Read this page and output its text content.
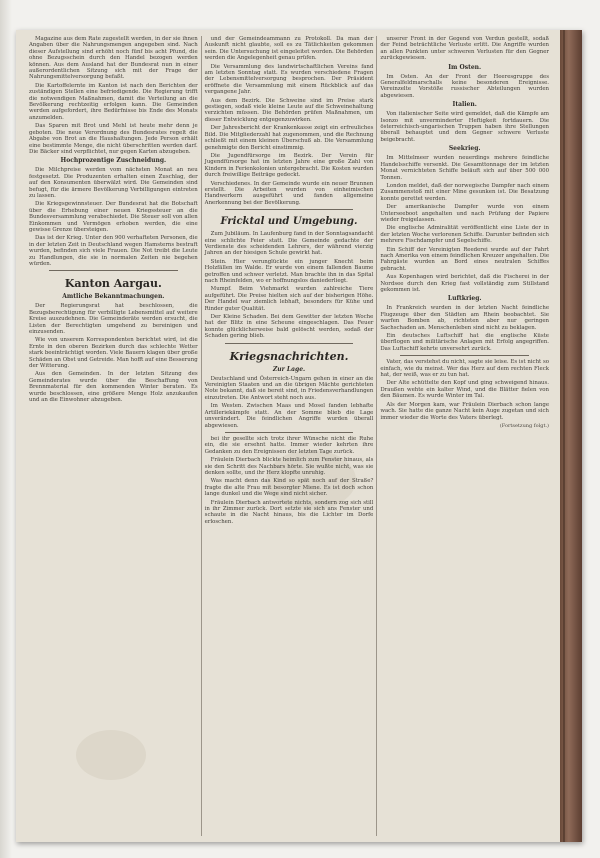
Magazine aus dem Rate zugestellt werden, in der sie ihnen Angaben über die Nahrungsmengen angegeben sind. Nach dieser Aufstellung sind erhöht noch fünf bis acht Pfund, die ohne Bezugsschein durch den Handel bezogen werden können. Aus dem Ausland hat der Bundesrat nun in einer außerordentlichen Sitzung sich mit der Frage der Nahrungsmittelversorgung befaßt.

Die Kartoffelernte im Kanton ist nach den Berichten der zuständigen Stellen eine befriedigende. Die Regierung trifft die notwendigen Maßnahmen, damit die Verteilung an die Bevölkerung rechtzeitig erfolgen kann. Die Gemeinden werden aufgefordert, ihre Bedürfnisse bis Ende des Monats anzumelden.

Das Sparen mit Brot und Mehl ist heute mehr denn je geboten. Die neue Verordnung des Bundesrates regelt die Abgabe von Brot an die Haushaltungen. Jede Person erhält eine bestimmte Menge, die nicht überschritten werden darf. Die Bäcker sind verpflichtet, nur gegen Karten abzugeben.

Hochprozentige Zuschneidung.

Die Milchpreise werden vom nächsten Monat an neu festgesetzt. Die Produzenten erhalten einen Zuschlag, der auf den Konsumenten überwälzt wird. Die Gemeinden sind befugt, für die ärmere Bevölkerung Verbilligungen eintreten zu lassen.

Die Kriegsgewinnsteuer. Der Bundesrat hat die Botschaft über die Erhebung einer neuen Kriegssteuer an die Bundesversammlung verabschiedet. Die Steuer soll von allen Einkommen und Vermögen erhoben werden, die eine gewisse Grenze übersteigen.

Das ist der Krieg. Unter den 900 verhafteten Personen, die in der letzten Zeit in Deutschland wegen Hamsterns bestraft wurden, befinden sich viele Frauen. Die Not treibt die Leute zu Handlungen, die sie in normalen Zeiten nie begehen würden.

Kanton Aargau.
Amtliche Bekanntmachungen.

Der Regierungsrat hat beschlossen, die Bezugsberechtigung für verbilligte Lebensmittel auf weitere Kreise auszudehnen. Die Gemeinderäte werden ersucht, die Listen der Berechtigten umgehend zu bereinigen und einzusenden.

Wie von unserem Korrespondenten berichtet wird, ist die Ernte in den oberen Bezirken durch das schlechte Wetter stark beeinträchtigt worden. Viele Bauern klagen über große Schäden an Obst und Getreide. Man hofft auf eine Besserung der Witterung.

Aus den Gemeinden. In der letzten Sitzung des Gemeinderates wurde über die Beschaffung von Brennmaterial für den kommenden Winter beraten. Es wurde beschlossen, eine größere Menge Holz anzukaufen und an die Einwohner abzugeben.

und der Gemeindeammann zu Protokoll. Da man der Auskunft nicht glaubte, soll es zu Tätlichkeiten gekommen sein. Die Untersuchung ist eingeleitet worden. Die Behörden werden die Angelegenheit genau prüfen.

Die Versammlung des landwirtschaftlichen Vereins fand am letzten Sonntag statt. Es wurden verschiedene Fragen der Lebensmittelversorgung besprochen. Der Präsident eröffnete die Versammlung mit einem Rückblick auf das vergangene Jahr.

Aus dem Bezirk. Die Schweine sind im Preise stark gestiegen, sodaß viele kleine Leute auf die Schweinehaltung verzichten müssen. Die Behörden prüfen Maßnahmen, um dieser Entwicklung entgegenzuwirken.

Der Jahresbericht der Krankenkasse zeigt ein erfreuliches Bild. Die Mitgliederzahl hat zugenommen, und die Rechnung schließt mit einem kleinen Überschuß ab. Die Versammlung genehmigte den Bericht einstimmig.

Die Jugendfürsorge im Bezirk. Der Verein für Jugendfürsorge hat im letzten Jahre eine große Zahl von Kindern in Ferienkolonien untergebracht. Die Kosten wurden durch freiwillige Beiträge gedeckt.

Verschiedenes. In der Gemeinde wurde ein neuer Brunnen erstellt. Die Arbeiten wurden von einheimischen Handwerkern ausgeführt und fanden allgemeine Anerkennung bei der Bevölkerung.

Fricktal und Umgebung.

Zum Jubiläum. In Laufenburg fand in der Sonntagsandacht eine schlichte Feier statt. Die Gemeinde gedachte der Verdienste des scheidenden Lehrers, der während vierzig Jahren an der hiesigen Schule gewirkt hat.

Stein. Hier verunglückte ein junger Knecht beim Holzfällen im Walde. Er wurde von einem fallenden Baume getroffen und schwer verletzt. Man brachte ihn in das Spital nach Rheinfelden, wo er hoffnungslos daniederliegt.

Mumpf. Beim Viehmarkt wurden zahlreiche Tiere aufgeführt. Die Preise hielten sich auf der bisherigen Höhe. Der Handel war ziemlich lebhaft, besonders für Kühe und Rinder guter Qualität.

Der Kleine Schaden. Bei dem Gewitter der letzten Woche hat der Blitz in eine Scheune eingeschlagen. Das Feuer konnte glücklicherweise bald gelöscht werden, sodaß der Schaden gering blieb.

Kriegsnachrichten.
Zur Lage.

Deutschland und Österreich-Ungarn gehen in einer an die Vereinigten Staaten und an die übrigen Mächte gerichteten Note bekannt, daß sie bereit sind, in Friedensverhandlungen einzutreten. Die Antwort steht noch aus.

Im Westen. Zwischen Maas und Mosel fanden lebhafte Artilleriekämpfe statt. An der Somme blieb die Lage unverändert. Die feindlichen Angriffe wurden überall abgewiesen.

bei ihr gesellte sich trotz ihrer Wünsche nicht die Ruhe ein, die sie ersehnt hatte. Immer wieder kehrten ihre Gedanken zu den Ereignissen der letzten Tage zurück.

Fräulein Dierbach blickte heimlich zum Fenster hinaus, als sie den Schritt des Nachbars hörte. Sie wußte nicht, was sie denken sollte, und ihr Herz klopfte unruhig.

Was macht denn das Kind so spät noch auf der Straße? fragte die alte Frau mit besorgter Miene. Es ist doch schon lange dunkel und die Wege sind nicht sicher.

Fräulein Dierbach antwortete nichts, sondern zog sich still in ihr Zimmer zurück. Dort setzte sie sich ans Fenster und schaute in die Nacht hinaus, bis die Lichter im Dorfe erloschen.

unserer Front in der Gegend von Verdun gestellt, sodaß der Feind beträchtliche Verluste erlitt. Die Angriffe wurden an allen Punkten unter schweren Verlusten für den Gegner zurückgewiesen.

Im Osten.

Im Osten. An der Front der Heeresgruppe des Generalfeldmarschalls keine besonderen Ereignisse. Vereinzelte Vorstöße russischer Abteilungen wurden abgewiesen.

Italien.

Von italienischer Seite wird gemeldet, daß die Kämpfe am Isonzo mit unverminderter Heftigkeit fortdauern. Die österreichisch-ungarischen Truppen haben ihre Stellungen überall behauptet und dem Gegner schwere Verluste beigebracht.

Seekrieg.

Im Mittelmeer wurden neuerdings mehrere feindliche Handelsschiffe versenkt. Die Gesamttonnage der im letzten Monat vernichteten Schiffe beläuft sich auf über 500 000 Tonnen.

London meldet, daß der norwegische Dampfer nach einem Zusammenstoß mit einer Mine gesunken ist. Die Besatzung konnte gerettet werden.

Der amerikanische Dampfer wurde von einem Unterseeboot angehalten und nach Prüfung der Papiere wieder freigelassen.

Die englische Admiralität veröffentlicht eine Liste der in der letzten Woche verlorenen Schiffe. Darunter befinden sich mehrere Fischdampfer und Segelschiffe.

Ein Schiff der Vereinigten Reederei wurde auf der Fahrt nach Amerika von einem feindlichen Kreuzer angehalten. Die Fahrgäste wurden an Bord eines neutralen Schiffes gebracht.

Aus Kopenhagen wird berichtet, daß die Fischerei in der Nordsee durch den Krieg fast vollständig zum Stillstand gekommen ist.

Luftkrieg.

In Frankreich wurden in der letzten Nacht feindliche Flugzeuge über den Städten am Rhein beobachtet. Sie warfen Bomben ab, richteten aber nur geringen Sachschaden an. Menschenleben sind nicht zu beklagen.

Ein deutsches Luftschiff hat die englische Küste überflogen und militärische Anlagen mit Erfolg angegriffen. Das Luftschiff kehrte unversehrt zurück.

Vater, das verstehst du nicht, sagte sie leise. Es ist nicht so einfach, wie du meinst. Wer das Herz auf dem rechten Fleck hat, der weiß, was er zu tun hat.

Der Alte schüttelte den Kopf und ging schweigend hinaus. Draußen wehte ein kalter Wind, und die Blätter fielen von den Bäumen. Es wurde Winter im Tal.

Als der Morgen kam, war Fräulein Dierbach schon lange wach. Sie hatte die ganze Nacht kein Auge zugetan und sich immer wieder die Worte des Vaters überlegt.

(Fortsetzung folgt.)
